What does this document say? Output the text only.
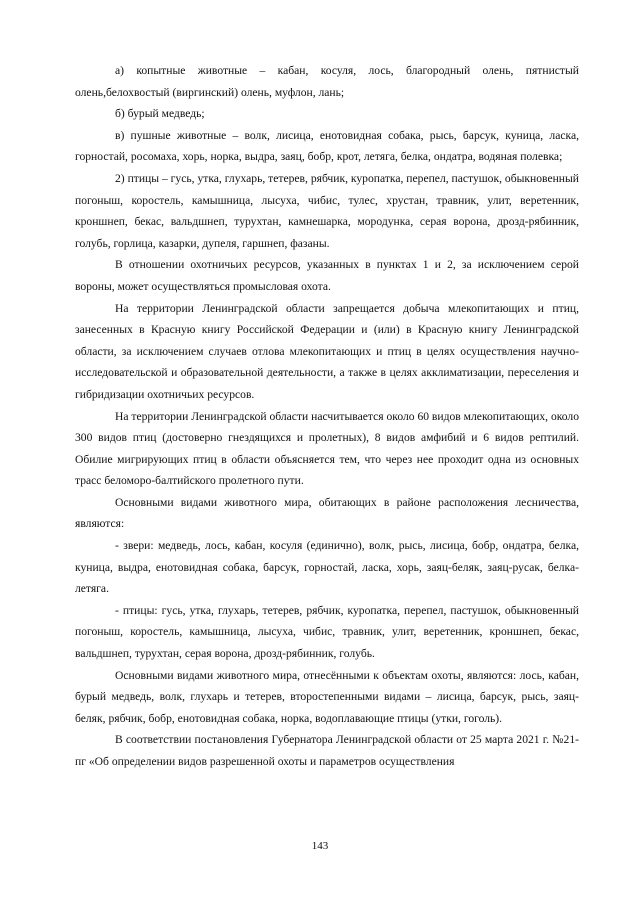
а) копытные животные – кабан, косуля, лось, благородный олень, пятнистый олень,белохвостый (виргинский) олень, муфлон, лань;

б) бурый медведь;

в) пушные животные – волк, лисица, енотовидная собака, рысь, барсук, куница, ласка, горностай, росомаха, хорь, норка, выдра, заяц, бобр, крот, летяга, белка, ондатра, водяная полевка;

2) птицы – гусь, утка, глухарь, тетерев, рябчик, куропатка, перепел, пастушок, обыкновенный погоныш, коростель, камышница, лысуха, чибис, тулес, хрустан, травник, улит, веретенник, кроншнеп, бекас, вальдшнеп, турухтан, камнешарка, мородунка, серая ворона, дрозд-рябинник, голубь, горлица, казарки, дупеля, гаршнеп, фазаны.

В отношении охотничьих ресурсов, указанных в пунктах 1 и 2, за исключением серой вороны, может осуществляться промысловая охота.

На территории Ленинградской области запрещается добыча млекопитающих и птиц, занесенных в Красную книгу Российской Федерации и (или) в Красную книгу Ленинградской области, за исключением случаев отлова млекопитающих и птиц в целях осуществления научно-исследовательской и образовательной деятельности, а также в целях акклиматизации, переселения и гибридизации охотничьих ресурсов.

На территории Ленинградской области насчитывается около 60 видов млекопитающих, около 300 видов птиц (достоверно гнездящихся и пролетных), 8 видов амфибий и 6 видов рептилий. Обилие мигрирующих птиц в области объясняется тем, что через нее проходит одна из основных трасс беломоро-балтийского пролетного пути.

Основными видами животного мира, обитающих в районе расположения лесничества, являются:

- звери: медведь, лось, кабан, косуля (единично), волк, рысь, лисица, бобр, ондатра, белка, куница, выдра, енотовидная собака, барсук, горностай, ласка, хорь, заяц-беляк, заяц-русак, белка-летяга.

- птицы: гусь, утка, глухарь, тетерев, рябчик, куропатка, перепел, пастушок, обыкновенный погоныш, коростель, камышница, лысуха, чибис, травник, улит, веретенник, кроншнеп, бекас, вальдшнеп, турухтан, серая ворона, дрозд-рябинник, голубь.

Основными видами животного мира, отнесёнными к объектам охоты, являются: лось, кабан, бурый медведь, волк, глухарь и тетерев, второстепенными видами – лисица, барсук, рысь, заяц-беляк, рябчик, бобр, енотовидная собака, норка, водоплавающие птицы (утки, гоголь).

В соответствии постановления Губернатора Ленинградской области от 25 марта 2021 г. №21-пг «Об определении видов разрешенной охоты и параметров осуществления

143
